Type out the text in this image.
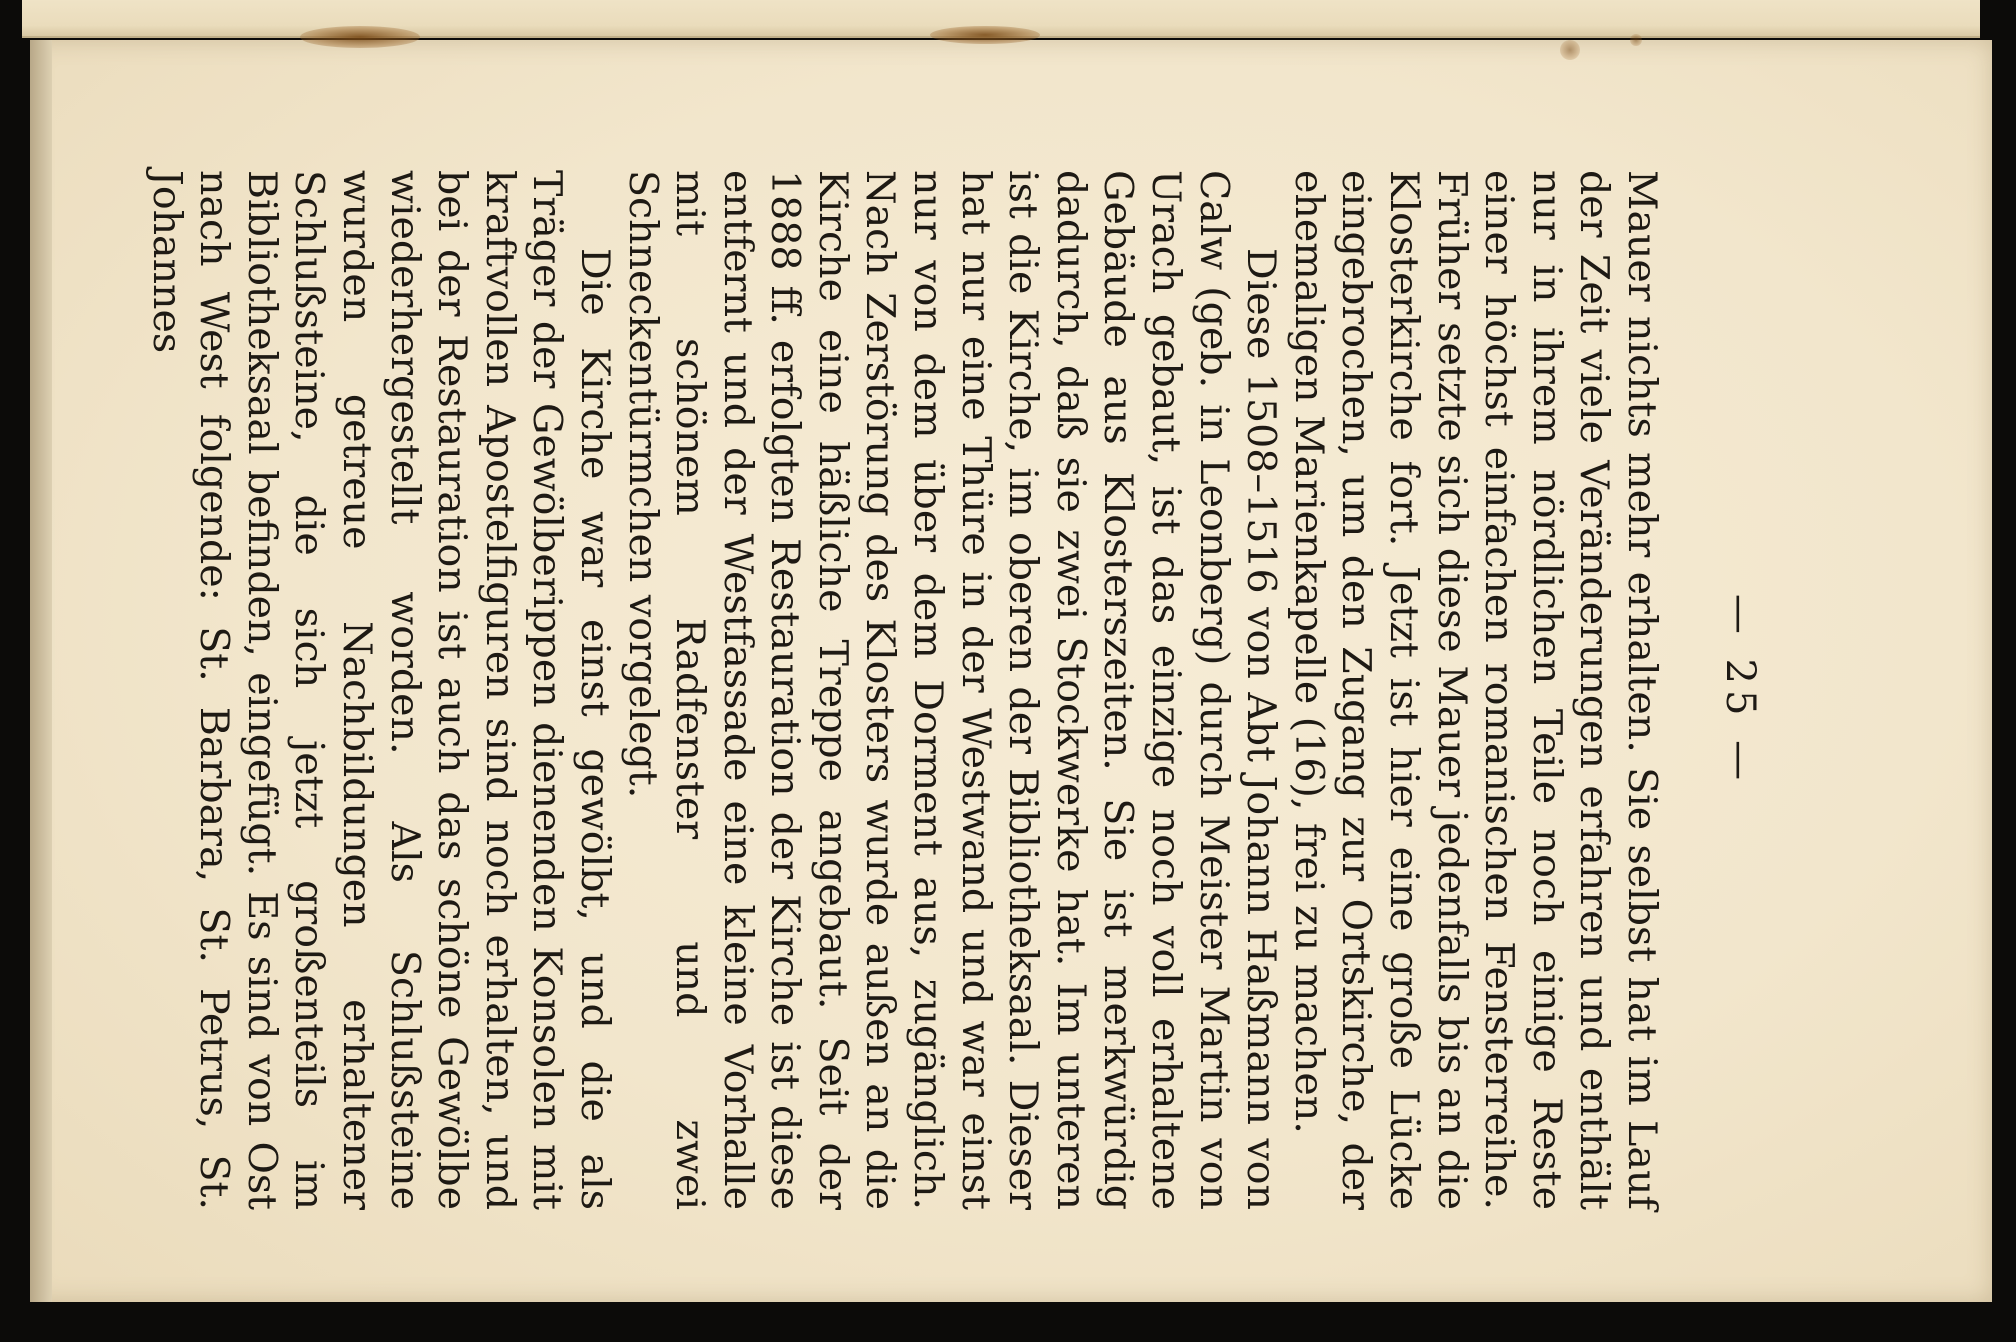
— 25 —

Mauer nichts mehr erhalten. Sie selbst hat im Lauf der Zeit viele Veränderungen erfahren und enthält nur in ihrem nördlichen Teile noch einige Reste einer höchst einfachen romanischen Fensterreihe. Früher setzte sich diese Mauer jedenfalls bis an die Klosterkirche fort. Jetzt ist hier eine große Lücke eingebrochen, um den Zugang zur Ortskirche, der ehemaligen Marienkapelle (16), frei zu machen.

Diese 1508–1516 von Abt Johann Haßmann von Calw (geb. in Leonberg) durch Meister Martin von Urach gebaut, ist das einzige noch voll erhaltene Gebäude aus Klosterszeiten. Sie ist merkwürdig dadurch, daß sie zwei Stockwerke hat. Im unteren ist die Kirche, im oberen der Bibliotheksaal. Dieser hat nur eine Thüre in der Westwand und war einst nur von dem über dem Dorment aus, zugänglich. Nach Zerstörung des Klosters wurde außen an die Kirche eine häßliche Treppe angebaut. Seit der 1888 ff. erfolgten Restauration der Kirche ist diese entfernt und der Westfassade eine kleine Vorhalle mit schönem Radfenster und zwei Schneckentürmchen vorgelegt.

Die Kirche war einst gewölbt, und die als Träger der Gewölberippen dienenden Konsolen mit kraftvollen Apostelfiguren sind noch erhalten, und bei der Restauration ist auch das schöne Gewölbe wiederhergestellt worden. Als Schlußsteine wurden getreue Nachbildungen erhaltener Schlußsteine, die sich jetzt großenteils im Bibliotheksaal befinden, eingefügt. Es sind von Ost nach West folgende: St. Barbara, St. Petrus, St. Johannes
